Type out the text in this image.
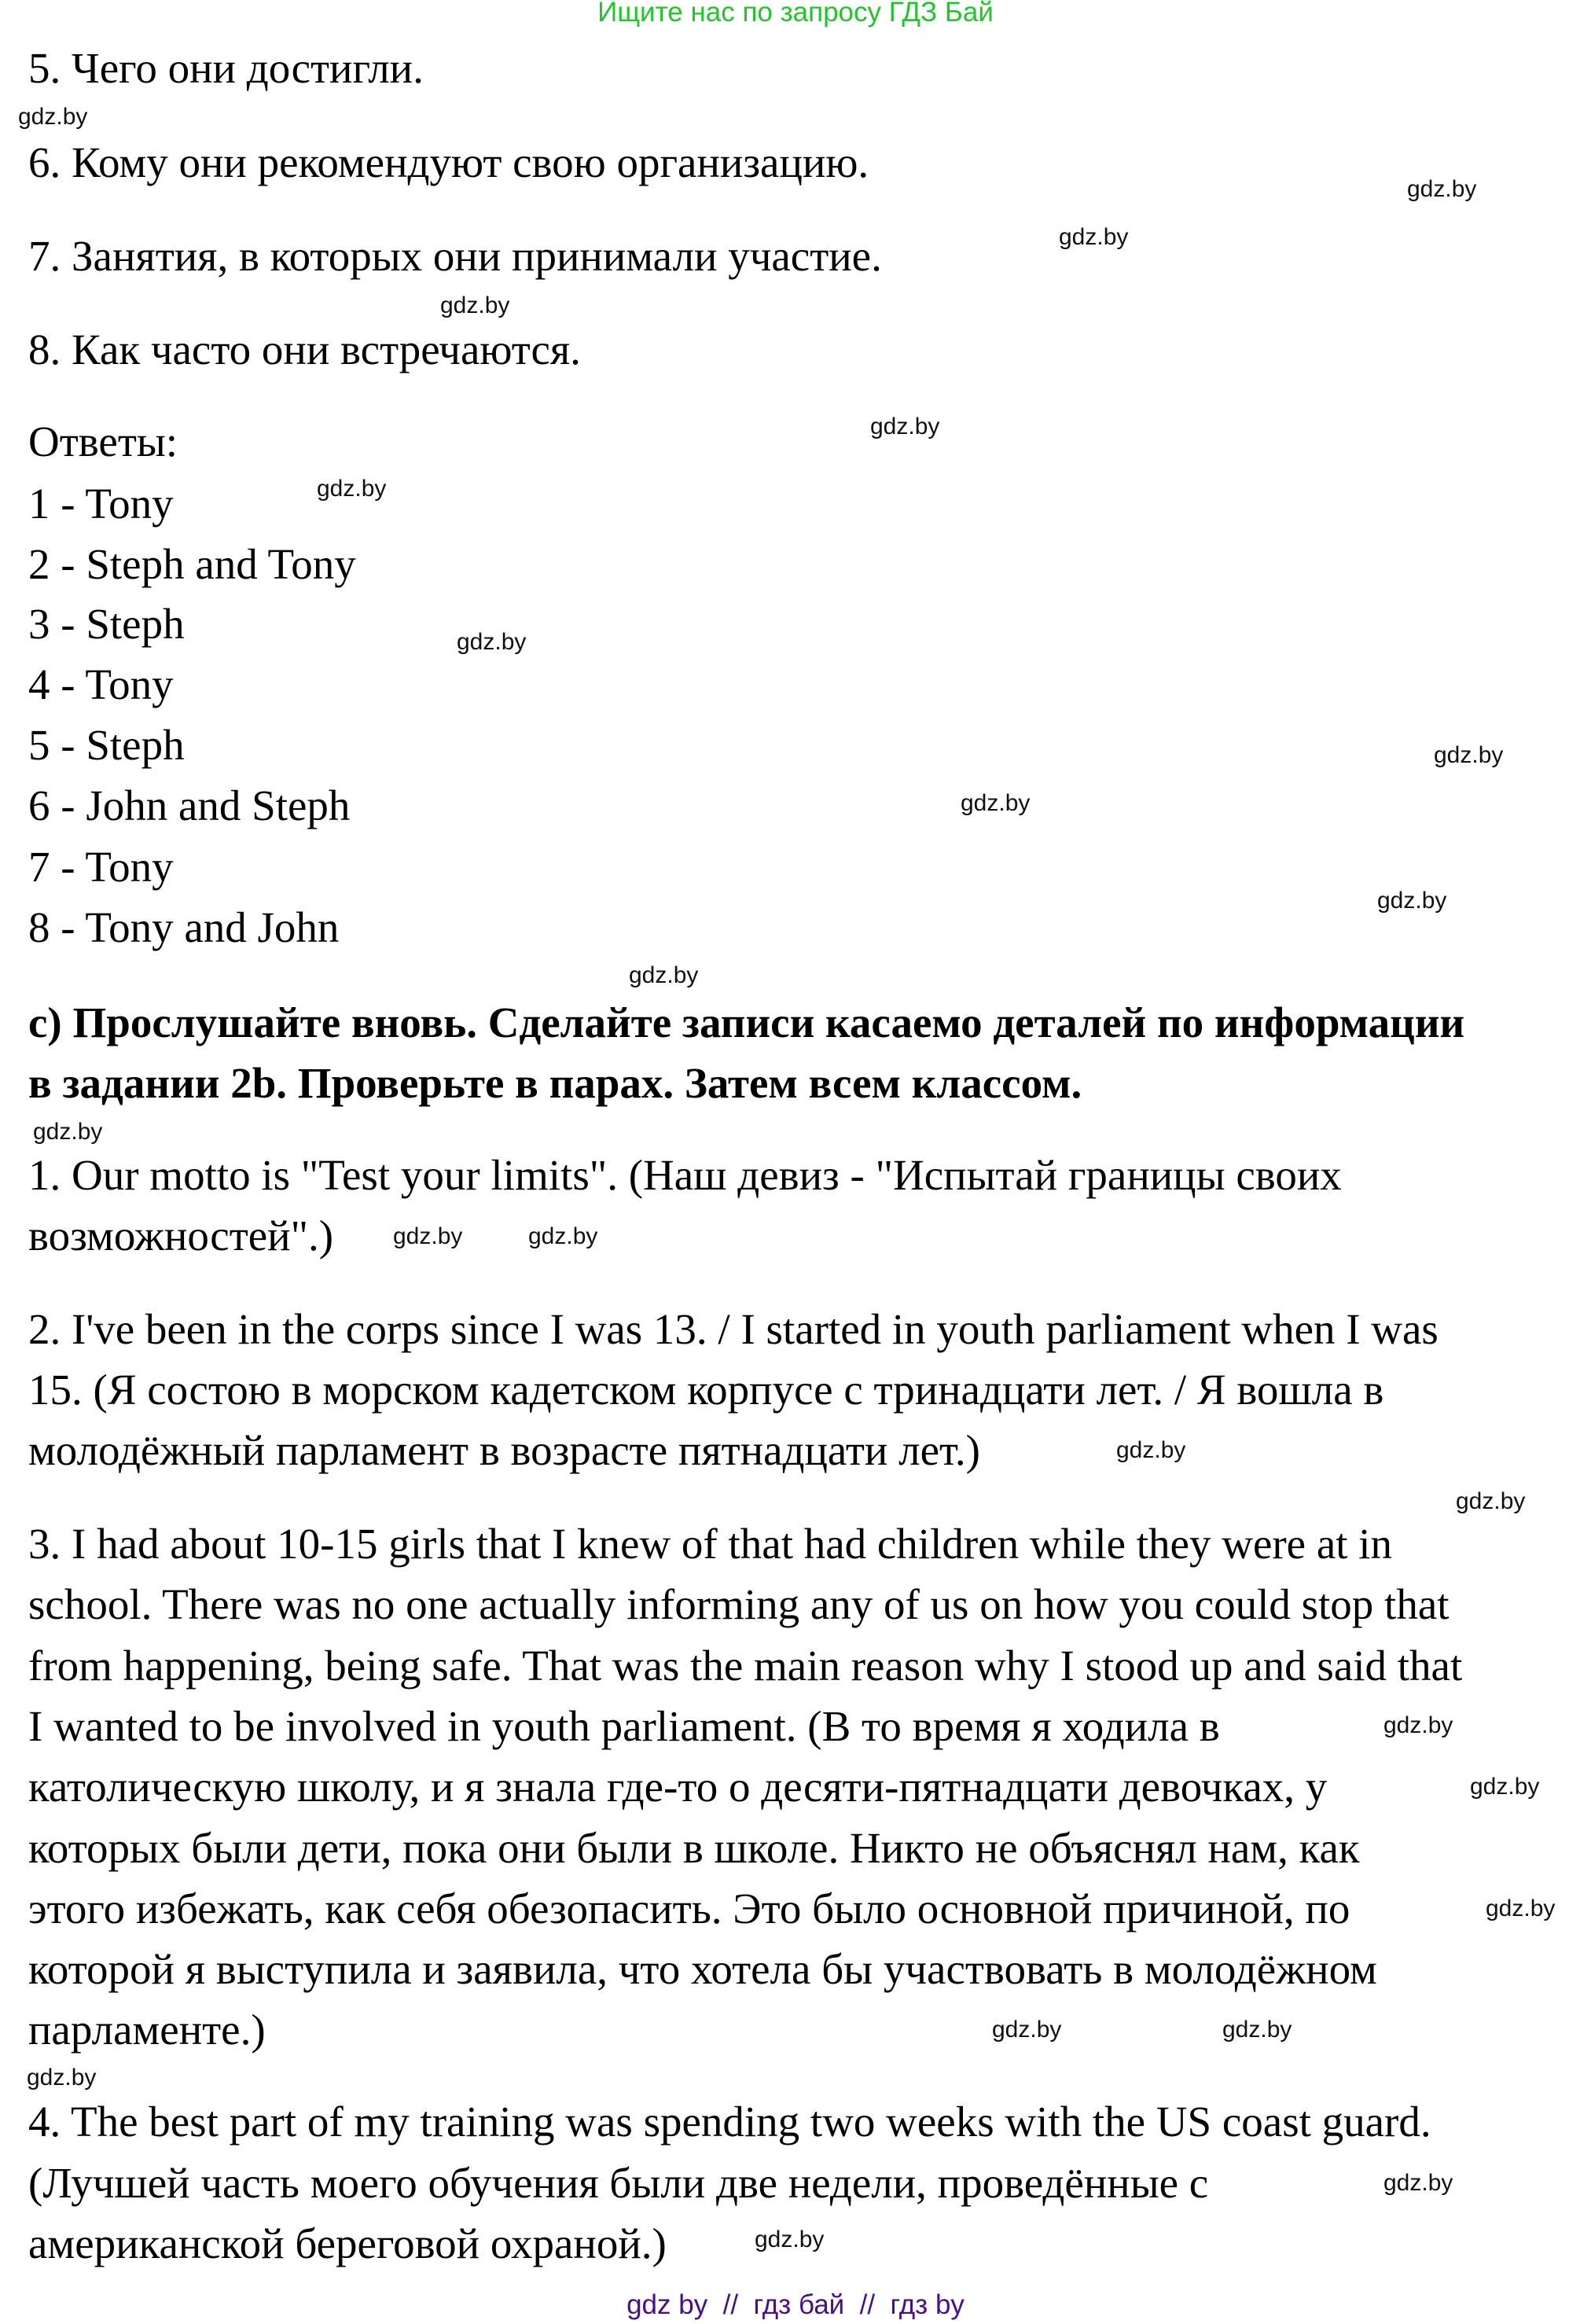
Ищите нас по запросу ГДЗ Бай
5. Чего они достигли.
6. Кому они рекомендуют свою организацию.
7. Занятия, в которых они принимали участие.
8. Как часто они встречаются.
Ответы:
1 - Tony
2 - Steph and Tony
3 - Steph
4 - Tony
5 - Steph
6 - John and Steph
7 - Tony
8 - Tony and John
c) Прослушайте вновь. Сделайте записи касаемо деталей по информации
в задании 2b. Проверьте в парах. Затем всем классом.
1. Our motto is "Test your limits". (Наш девиз - "Испытай границы своих
возможностей".)
2. I've been in the corps since I was 13. / I started in youth parliament when I was
15. (Я состою в морском кадетском корпусе с тринадцати лет. / Я вошла в
молодёжный парламент в возрасте пятнадцати лет.)
3. I had about 10-15 girls that I knew of that had children while they were at in
school. There was no one actually informing any of us on how you could stop that
from happening, being safe. That was the main reason why I stood up and said that
I wanted to be involved in youth parliament. (В то время я ходила в
католическую школу, и я знала где-то о десяти-пятнадцати девочках, у
которых были дети, пока они были в школе. Никто не объяснял нам, как
этого избежать, как себя обезопасить. Это было основной причиной, по
которой я выступила и заявила, что хотела бы участвовать в молодёжном
парламенте.)
4. The best part of my training was spending two weeks with the US coast guard.
(Лучшей часть моего обучения были две недели, проведённые с
американской береговой охраной.)
gdz.by
gdz.by
gdz.by
gdz.by
gdz.by
gdz.by
gdz.by
gdz.by
gdz.by
gdz.by
gdz.by
gdz.by
gdz.by
gdz.by
gdz.by
gdz.by
gdz.by
gdz.by
gdz.by
gdz.by
gdz.by
gdz.by
gdz.by
gdz.by
gdz by  //  гдз бай  //  гдз by
